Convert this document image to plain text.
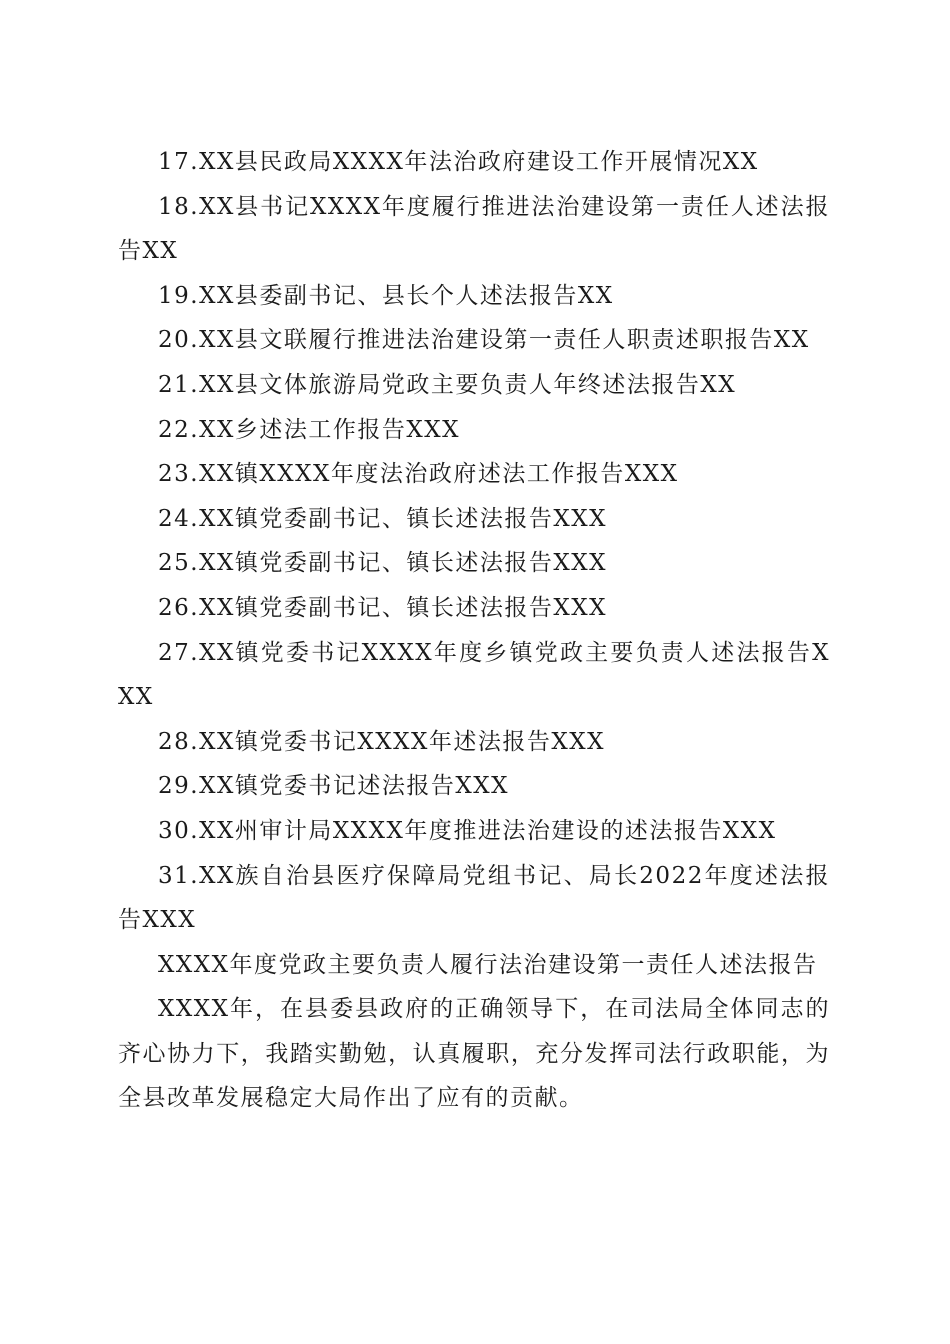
17.XX县民政局XXXX年法治政府建设工作开展情况XX

18.XX县书记XXXX年度履行推进法治建设第一责任人述法报告XX

19.XX县委副书记、县长个人述法报告XX

20.XX县文联履行推进法治建设第一责任人职责述职报告XX

21.XX县文体旅游局党政主要负责人年终述法报告XX

22.XX乡述法工作报告XXX

23.XX镇XXXX年度法治政府述法工作报告XXX

24.XX镇党委副书记、镇长述法报告XXX

25.XX镇党委副书记、镇长述法报告XXX

26.XX镇党委副书记、镇长述法报告XXX

27.XX镇党委书记XXXX年度乡镇党政主要负责人述法报告XXX

28.XX镇党委书记XXXX年述法报告XXX

29.XX镇党委书记述法报告XXX

30.XX州审计局XXXX年度推进法治建设的述法报告XXX

31.XX族自治县医疗保障局党组书记、局长2022年度述法报告XXX

XXXX年度党政主要负责人履行法治建设第一责任人述法报告

XXXX年，在县委县政府的正确领导下，在司法局全体同志的齐心协力下，我踏实勤勉，认真履职，充分发挥司法行政职能，为全县改革发展稳定大局作出了应有的贡献。
